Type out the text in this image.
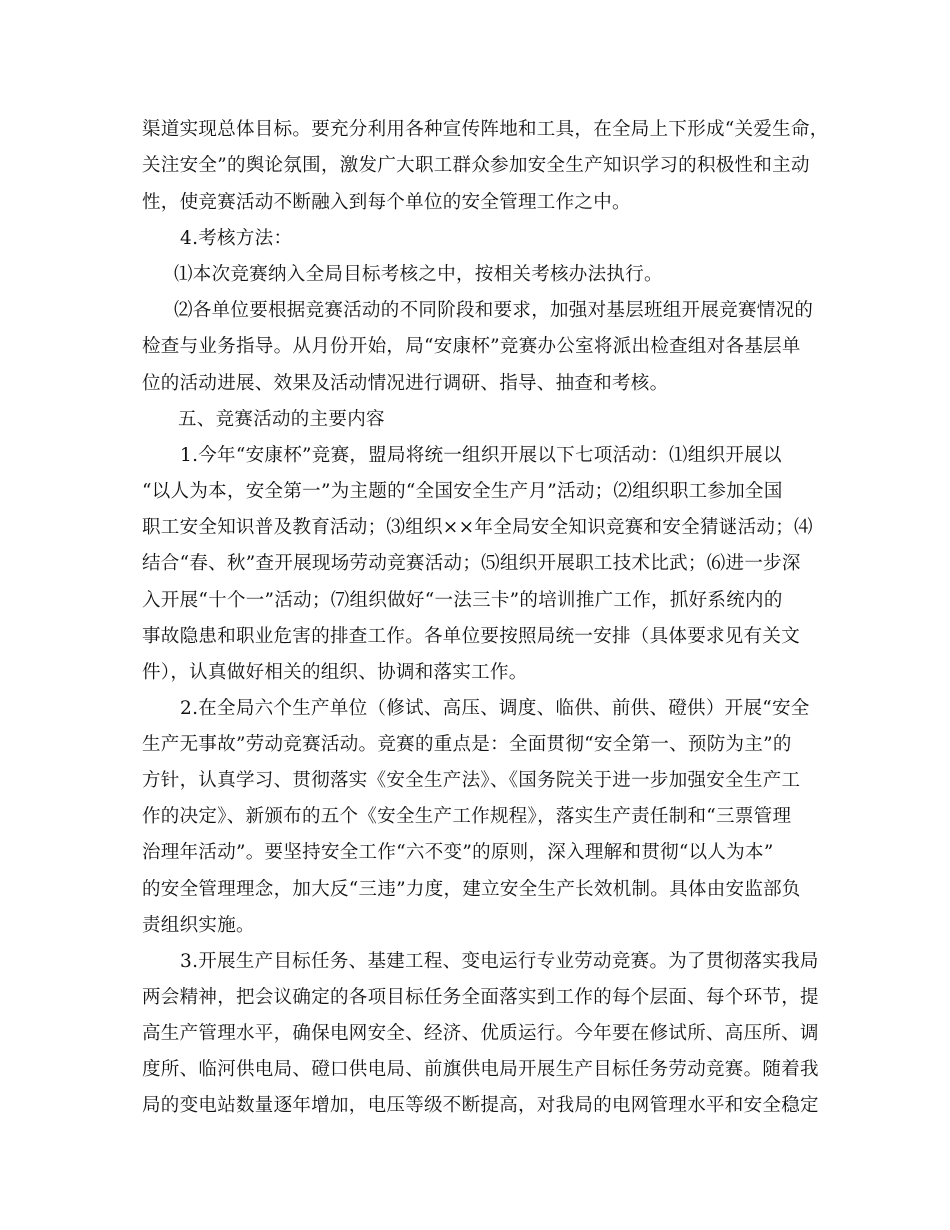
渠道实现总体目标。要充分利用各种宣传阵地和工具，在全局上下形成“关爱生命，
关注安全”的舆论氛围，激发广大职工群众参加安全生产知识学习的积极性和主动
性，使竞赛活动不断融入到每个单位的安全管理工作之中。
4.考核方法：
⑴本次竞赛纳入全局目标考核之中，按相关考核办法执行。
⑵各单位要根据竞赛活动的不同阶段和要求，加强对基层班组开展竞赛情况的
检查与业务指导。从月份开始，局“安康杯”竞赛办公室将派出检查组对各基层单
位的活动进展、效果及活动情况进行调研、指导、抽查和考核。
五、竞赛活动的主要内容
1.今年“安康杯”竞赛，盟局将统一组织开展以下七项活动：⑴组织开展以
“以人为本，安全第一”为主题的“全国安全生产月”活动；⑵组织职工参加全国
职工安全知识普及教育活动；⑶组织××年全局安全知识竞赛和安全猜谜活动；⑷
结合“春、秋”查开展现场劳动竞赛活动；⑸组织开展职工技术比武；⑹进一步深
入开展“十个一”活动；⑺组织做好“一法三卡”的培训推广工作，抓好系统内的
事故隐患和职业危害的排查工作。各单位要按照局统一安排（具体要求见有关文
件），认真做好相关的组织、协调和落实工作。
2.在全局六个生产单位（修试、高压、调度、临供、前供、磴供）开展“安全
生产无事故”劳动竞赛活动。竞赛的重点是：全面贯彻“安全第一、预防为主”的
方针，认真学习、贯彻落实《安全生产法》、《国务院关于进一步加强安全生产工
作的决定》、新颁布的五个《安全生产工作规程》，落实生产责任制和“三票管理
治理年活动”。要坚持安全工作“六不变”的原则，深入理解和贯彻“以人为本”
的安全管理理念，加大反“三违”力度，建立安全生产长效机制。具体由安监部负
责组织实施。
3.开展生产目标任务、基建工程、变电运行专业劳动竞赛。为了贯彻落实我局
两会精神，把会议确定的各项目标任务全面落实到工作的每个层面、每个环节，提
高生产管理水平，确保电网安全、经济、优质运行。今年要在修试所、高压所、调
度所、临河供电局、磴口供电局、前旗供电局开展生产目标任务劳动竞赛。随着我
局的变电站数量逐年增加，电压等级不断提高，对我局的电网管理水平和安全稳定
